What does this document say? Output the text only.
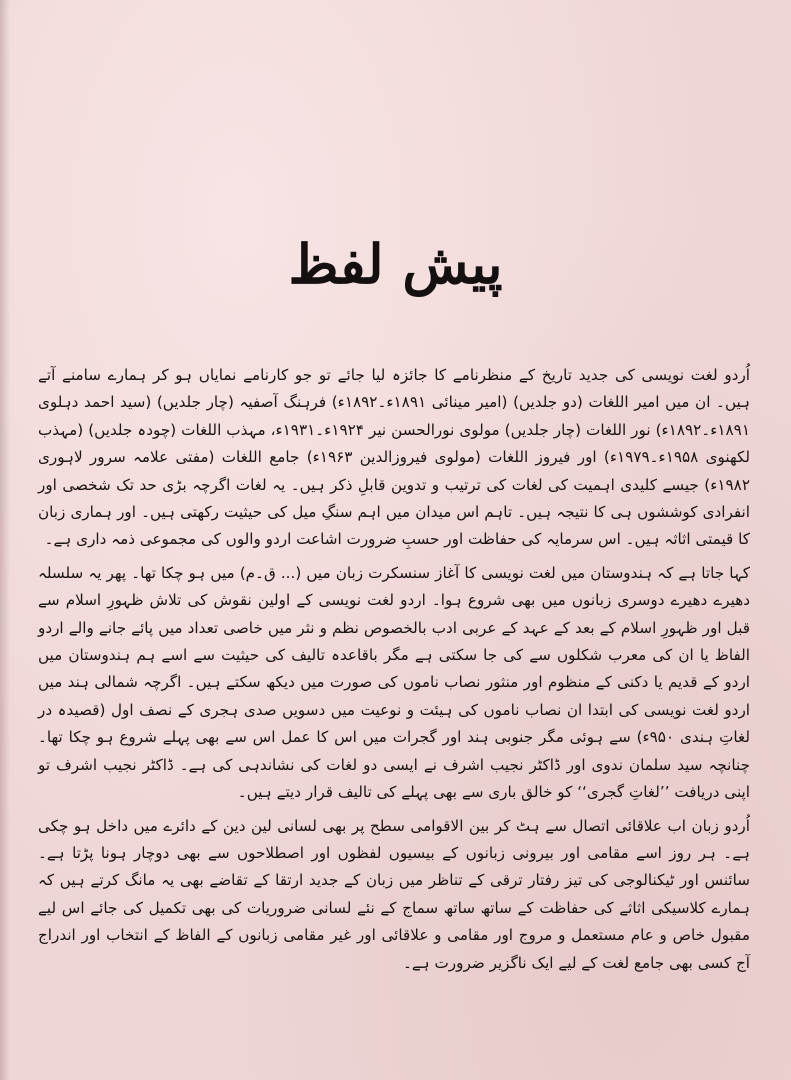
پیش لفظ

اُردو لغت نویسی کی جدید تاریخ کے منظرنامے کا جائزہ لیا جائے تو جو کارنامے نمایاں ہو کر ہمارے سامنے آتے ہیں۔ ان میں امیر اللغات (دو جلدیں) (امیر مینائی ۱۸۹۱ء۔۱۸۹۲ء) فرہنگ آصفیہ (چار جلدیں) (سید احمد دہلوی ۱۸۹۱ء۔۱۸۹۲ء) نور اللغات (چار جلدیں) مولوی نورالحسن نیر ۱۹۲۴ء۔۱۹۳۱ء، مہذب اللغات (چودہ جلدیں) (مہذب لکھنوی ۱۹۵۸ء۔۱۹۷۹ء) اور فیروز اللغات (مولوی فیروزالدین ۱۹۶۳ء) جامع اللغات (مفتی علامہ سرور لاہوری ۱۹۸۲ء) جیسے کلیدی اہمیت کی لغات کی ترتیب و تدوین قابلِ ذکر ہیں۔ یہ لغات اگرچہ بڑی حد تک شخصی اور انفرادی کوششوں ہی کا نتیجہ ہیں۔ تاہم اس میدان میں اہم سنگِ میل کی حیثیت رکھتی ہیں۔ اور ہماری زبان کا قیمتی اثاثہ ہیں۔ اس سرمایہ کی حفاظت اور حسبِ ضرورت اشاعت اردو والوں کی مجموعی ذمہ داری ہے۔

کہا جاتا ہے کہ ہندوستان میں لغت نویسی کا آغاز سنسکرت زبان میں (... ق۔م) میں ہو چکا تھا۔ پھر یہ سلسلہ دھیرے دھیرے دوسری زبانوں میں بھی شروع ہوا۔ اردو لغت نویسی کے اولین نقوش کی تلاش ظہورِ اسلام سے قبل اور ظہورِ اسلام کے بعد کے عہد کے عربی ادب بالخصوص نظم و نثر میں خاصی تعداد میں پائے جانے والے اردو الفاظ یا ان کی معرب شکلوں سے کی جا سکتی ہے مگر باقاعدہ تالیف کی حیثیت سے اسے ہم ہندوستان میں اردو کے قدیم یا دکنی کے منظوم اور منثور نصاب ناموں کی صورت میں دیکھ سکتے ہیں۔ اگرچہ شمالی ہند میں اردو لغت نویسی کی ابتدا ان نصاب ناموں کی ہیئت و نوعیت میں دسویں صدی ہجری کے نصف اول (قصیدہ در لغاتِ ہندی ۹۵۰ء) سے ہوئی مگر جنوبی ہند اور گجرات میں اس کا عمل اس سے بھی پہلے شروع ہو چکا تھا۔ چنانچہ سید سلمان ندوی اور ڈاکٹر نجیب اشرف نے ایسی دو لغات کی نشاندہی کی ہے۔ ڈاکٹر نجیب اشرف تو اپنی دریافت ’’لغاتِ گجری‘‘ کو خالق باری سے بھی پہلے کی تالیف قرار دیتے ہیں۔

اُردو زبان اب علاقائی اتصال سے ہٹ کر بین الاقوامی سطح پر بھی لسانی لین دین کے دائرے میں داخل ہو چکی ہے۔ ہر روز اسے مقامی اور بیرونی زبانوں کے بیسیوں لفظوں اور اصطلاحوں سے بھی دوچار ہونا پڑتا ہے۔ سائنس اور ٹیکنالوجی کی تیز رفتار ترقی کے تناظر میں زبان کے جدید ارتقا کے تقاضے بھی یہ مانگ کرتے ہیں کہ ہمارے کلاسیکی اثاثے کی حفاظت کے ساتھ ساتھ سماج کے نئے لسانی ضروریات کی بھی تکمیل کی جائے اس لیے مقبول خاص و عام مستعمل و مروج اور مقامی و علاقائی اور غیر مقامی زبانوں کے الفاظ کے انتخاب اور اندراج آج کسی بھی جامع لغت کے لیے ایک ناگزیر ضرورت ہے۔
